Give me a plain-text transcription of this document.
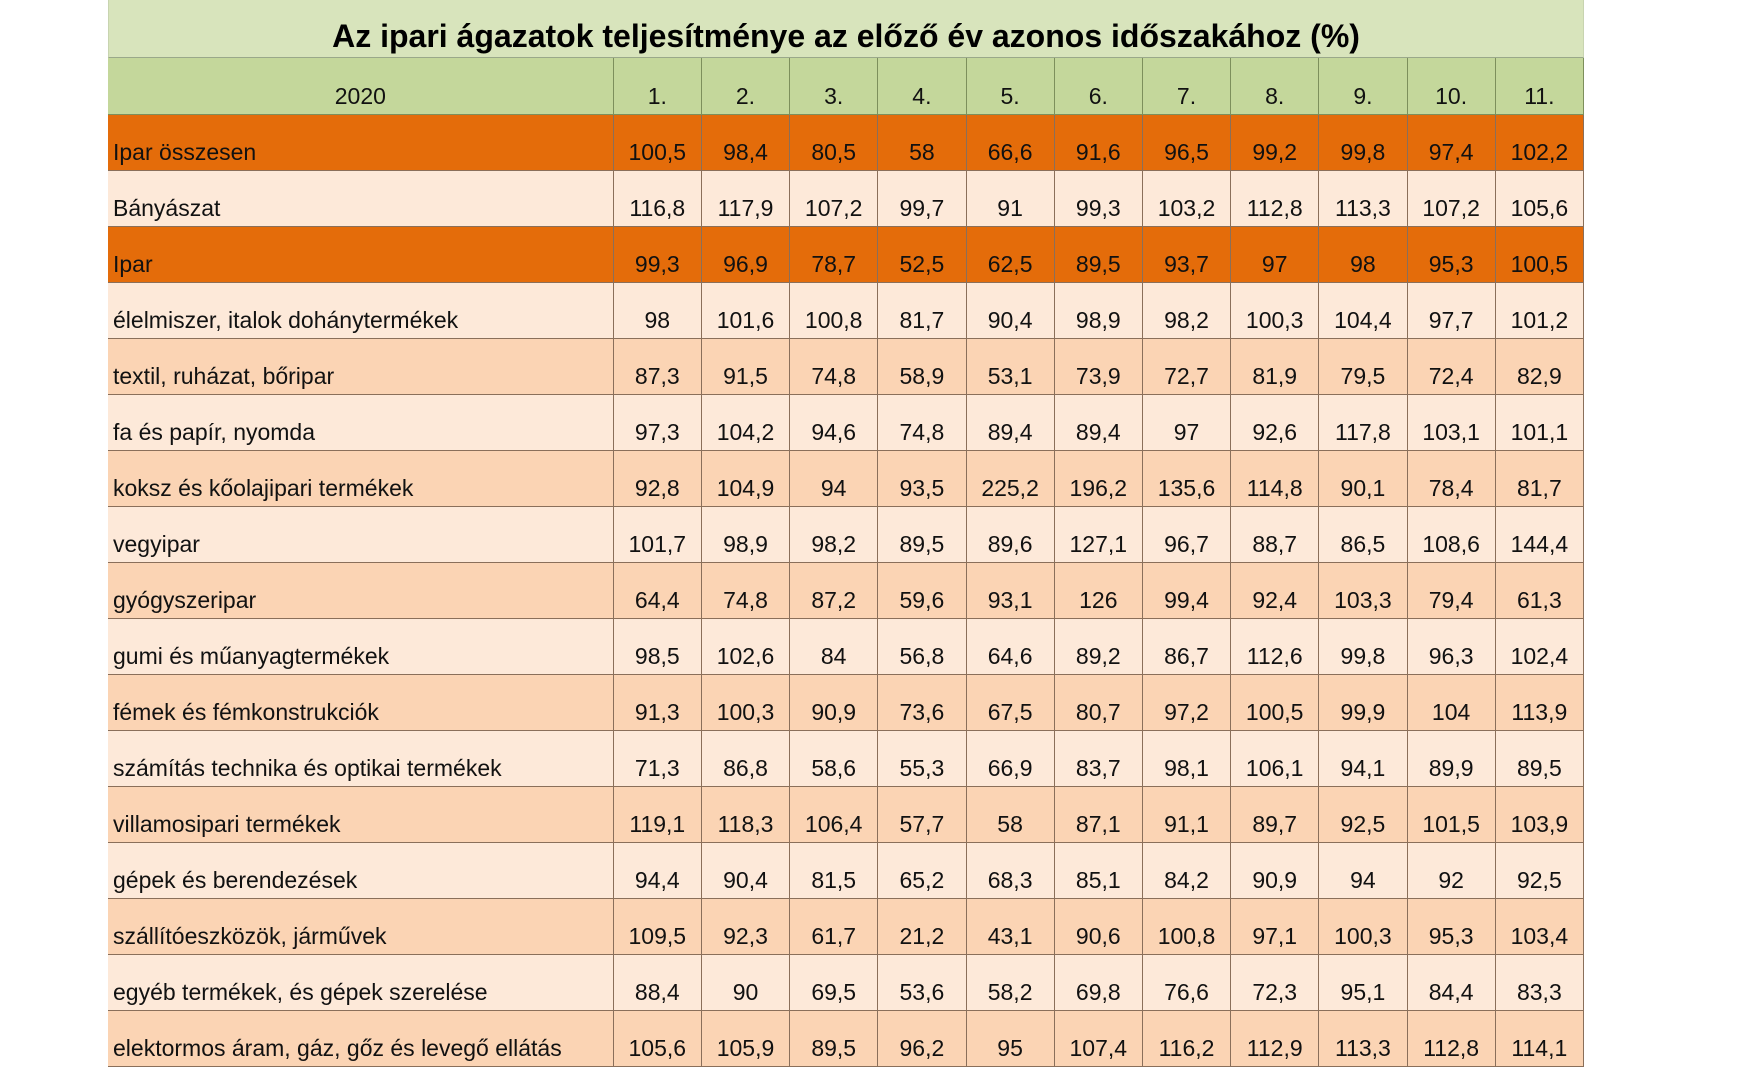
Az ipari ágazatok teljesítménye az előző év azonos időszakához (%)
2020	1.	2.	3.	4.	5.	6.	7.	8.	9.	10.	11.
Ipar összesen	100,5	98,4	80,5	58	66,6	91,6	96,5	99,2	99,8	97,4	102,2
Bányászat	116,8	117,9	107,2	99,7	91	99,3	103,2	112,8	113,3	107,2	105,6
Ipar	99,3	96,9	78,7	52,5	62,5	89,5	93,7	97	98	95,3	100,5
élelmiszer, italok dohánytermékek	98	101,6	100,8	81,7	90,4	98,9	98,2	100,3	104,4	97,7	101,2
textil, ruházat, bőripar	87,3	91,5	74,8	58,9	53,1	73,9	72,7	81,9	79,5	72,4	82,9
fa és papír, nyomda	97,3	104,2	94,6	74,8	89,4	89,4	97	92,6	117,8	103,1	101,1
koksz és kőolajipari termékek	92,8	104,9	94	93,5	225,2	196,2	135,6	114,8	90,1	78,4	81,7
vegyipar	101,7	98,9	98,2	89,5	89,6	127,1	96,7	88,7	86,5	108,6	144,4
gyógyszeripar	64,4	74,8	87,2	59,6	93,1	126	99,4	92,4	103,3	79,4	61,3
gumi és műanyagtermékek	98,5	102,6	84	56,8	64,6	89,2	86,7	112,6	99,8	96,3	102,4
fémek és fémkonstrukciók	91,3	100,3	90,9	73,6	67,5	80,7	97,2	100,5	99,9	104	113,9
számítás technika és optikai termékek	71,3	86,8	58,6	55,3	66,9	83,7	98,1	106,1	94,1	89,9	89,5
villamosipari termékek	119,1	118,3	106,4	57,7	58	87,1	91,1	89,7	92,5	101,5	103,9
gépek és berendezések	94,4	90,4	81,5	65,2	68,3	85,1	84,2	90,9	94	92	92,5
szállítóeszközök, járművek	109,5	92,3	61,7	21,2	43,1	90,6	100,8	97,1	100,3	95,3	103,4
egyéb termékek, és gépek szerelése	88,4	90	69,5	53,6	58,2	69,8	76,6	72,3	95,1	84,4	83,3
elektormos áram, gáz, gőz és levegő ellátás	105,6	105,9	89,5	96,2	95	107,4	116,2	112,9	113,3	112,8	114,1
